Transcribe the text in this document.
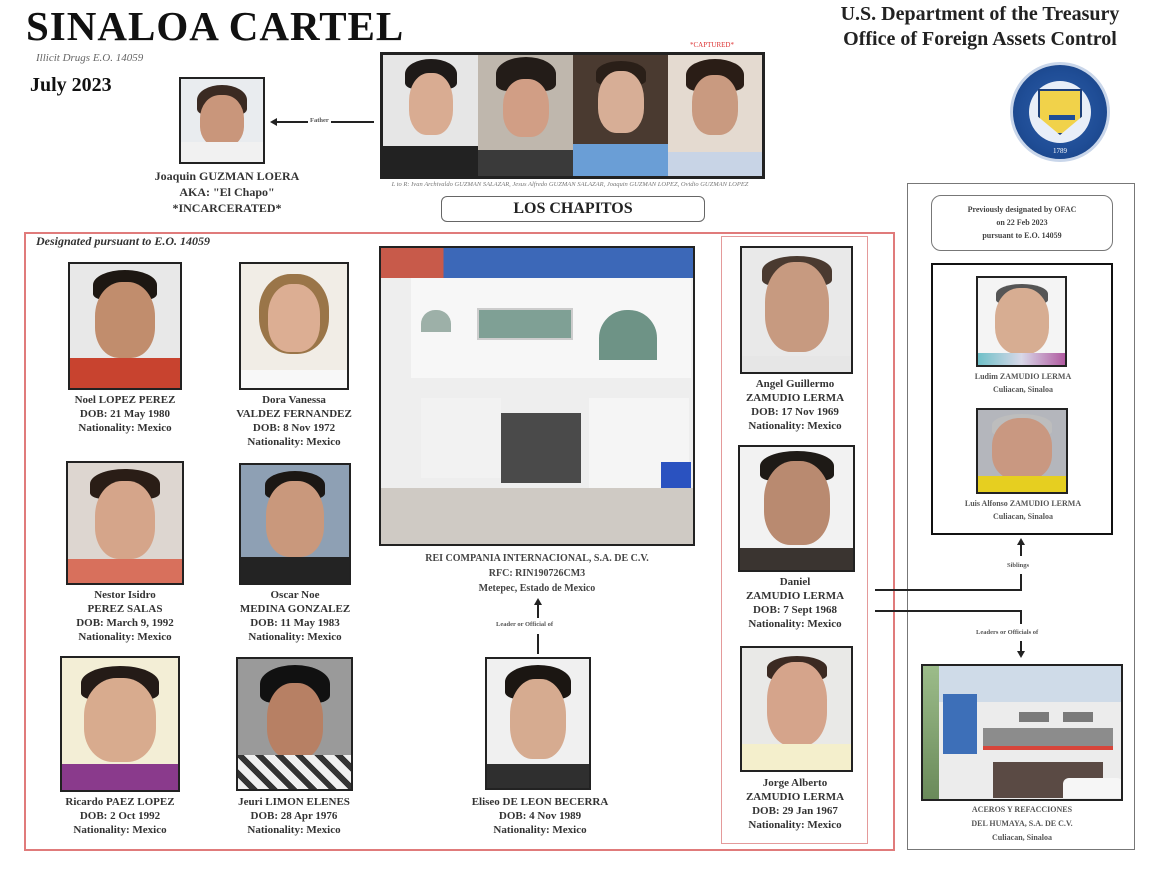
SINALOA CARTEL
Illicit Drugs E.O. 14059
July 2023
U.S. Department of the Treasury
Office of Foreign Assets Control
1789
Joaquin GUZMAN LOERA
AKA: "El Chapo"
*INCARCERATED*
Father
*CAPTURED*
L to R: Ivan Archivaldo GUZMAN SALAZAR, Jesus Alfredo GUZMAN SALAZAR, Joaquin GUZMAN LOPEZ, Ovidio GUZMAN LOPEZ
LOS CHAPITOS
Designated pursuant to E.O. 14059
Noel LOPEZ PEREZ
DOB: 21 May 1980
Nationality: Mexico
Dora Vanessa
VALDEZ FERNANDEZ
DOB: 8 Nov 1972
Nationality: Mexico
Nestor Isidro
PEREZ SALAS
DOB: March 9, 1992
Nationality: Mexico
Oscar Noe
MEDINA GONZALEZ
DOB: 11 May 1983
Nationality: Mexico
Ricardo PAEZ LOPEZ
DOB: 2 Oct 1992
Nationality: Mexico
Jeuri LIMON ELENES
DOB: 28 Apr 1976
Nationality: Mexico
REI COMPANIA INTERNACIONAL, S.A. DE C.V.
RFC: RIN190726CM3
Metepec, Estado de Mexico
Leader or Official of
Eliseo DE LEON BECERRA
DOB: 4 Nov 1989
Nationality: Mexico
Angel Guillermo
ZAMUDIO LERMA
DOB: 17 Nov 1969
Nationality: Mexico
Daniel
ZAMUDIO LERMA
DOB: 7 Sept 1968
Nationality: Mexico
Jorge Alberto
ZAMUDIO LERMA
DOB: 29 Jan 1967
Nationality: Mexico
Previously designated by OFAC
on 22 Feb 2023
pursuant to E.O. 14059
Ludim ZAMUDIO LERMA
Culiacan, Sinaloa
Luis Alfonso ZAMUDIO LERMA
Culiacan, Sinaloa
Siblings
Leaders or Officials of
ACEROS Y REFACCIONES
DEL HUMAYA, S.A. DE C.V.
Culiacan, Sinaloa
